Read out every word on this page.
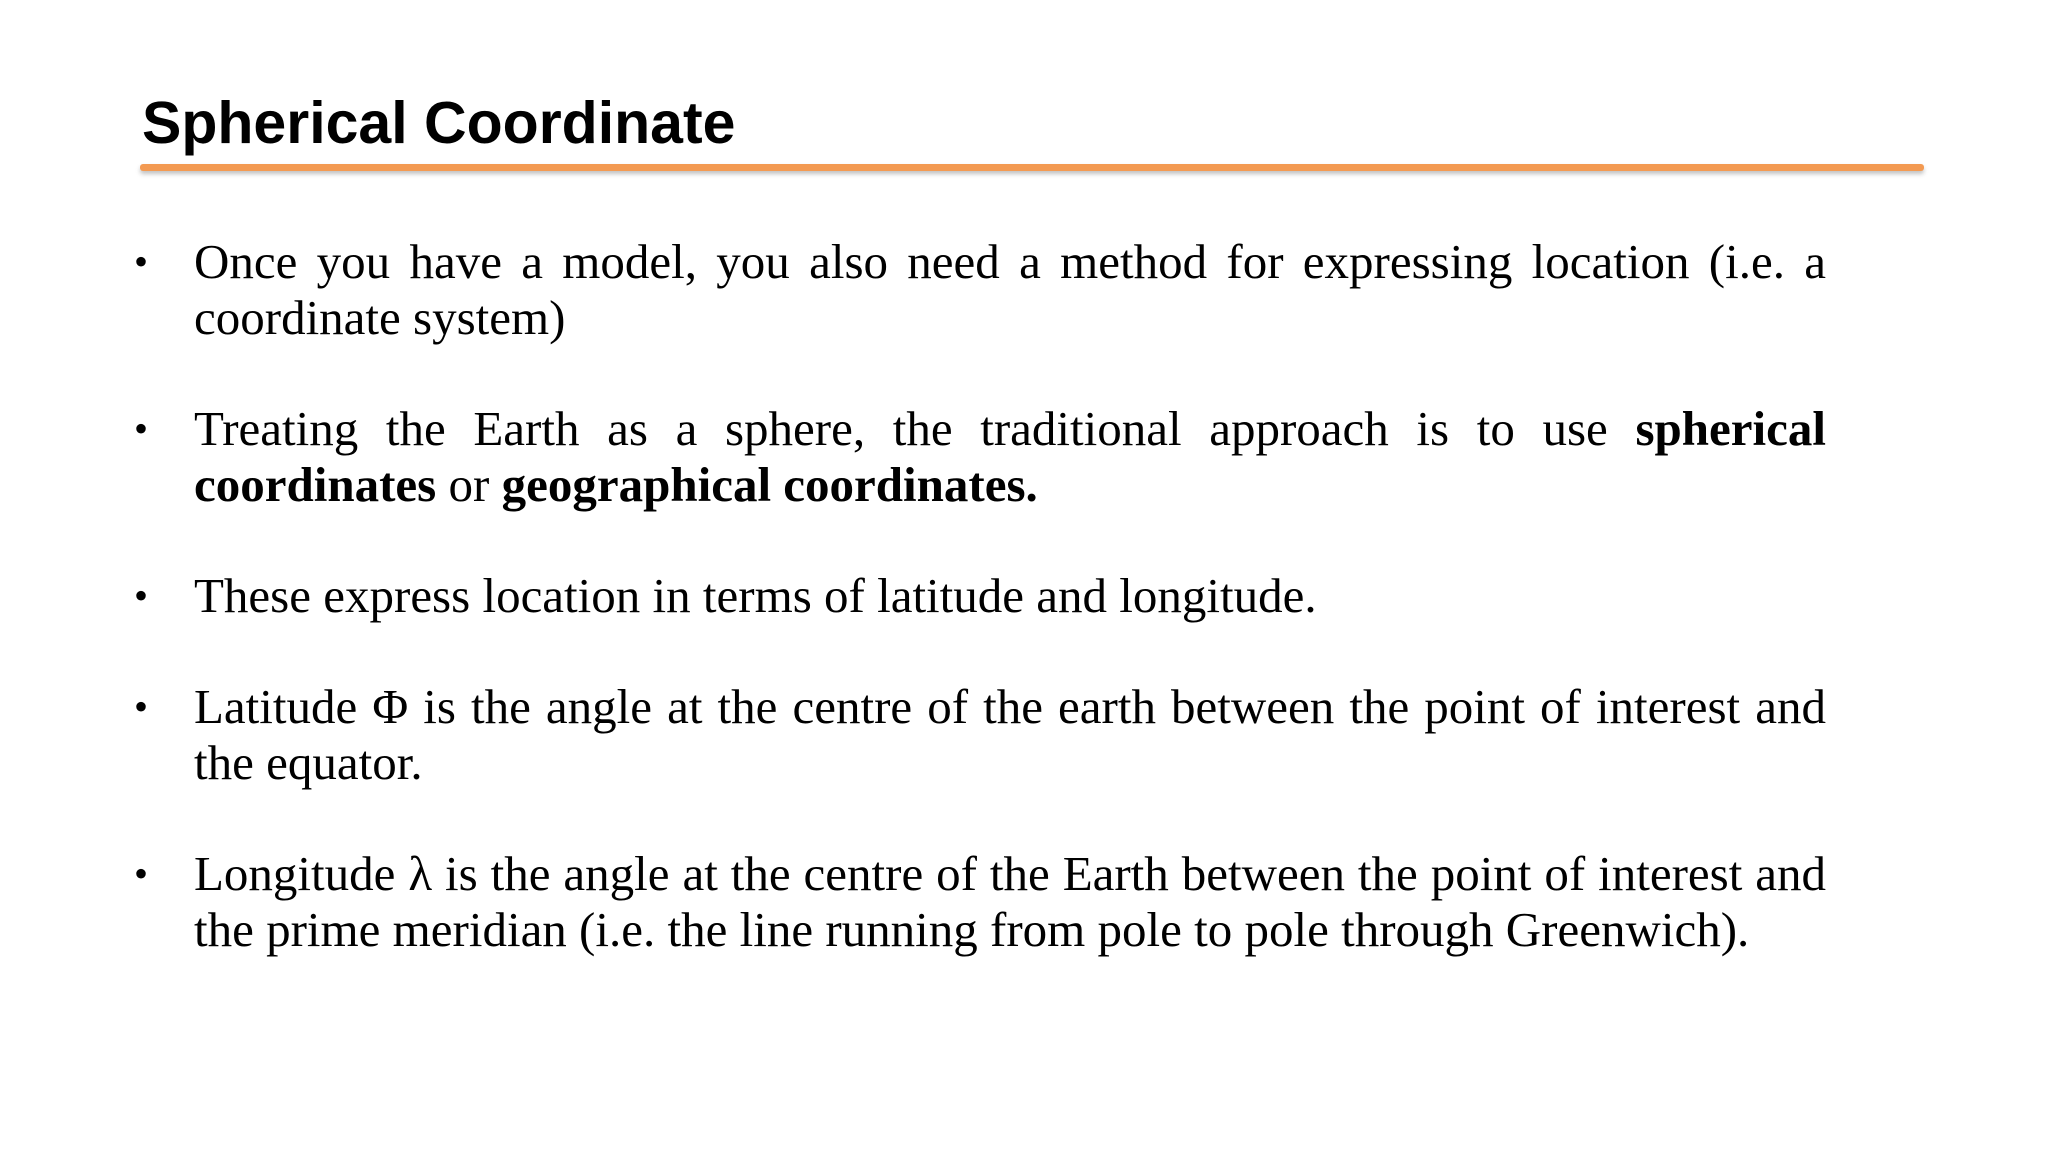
Spherical Coordinate
• Once you have a model, you also need a method for expressing location (i.e. a coordinate system)
• Treating the Earth as a sphere, the traditional approach is to use spherical coordinates or geographical coordinates.
• These express location in terms of latitude and longitude.
• Latitude Φ is the angle at the centre of the earth between the point of interest and the equator.
• Longitude λ is the angle at the centre of the Earth between the point of interest and the prime meridian (i.e. the line running from pole to pole through Greenwich).
